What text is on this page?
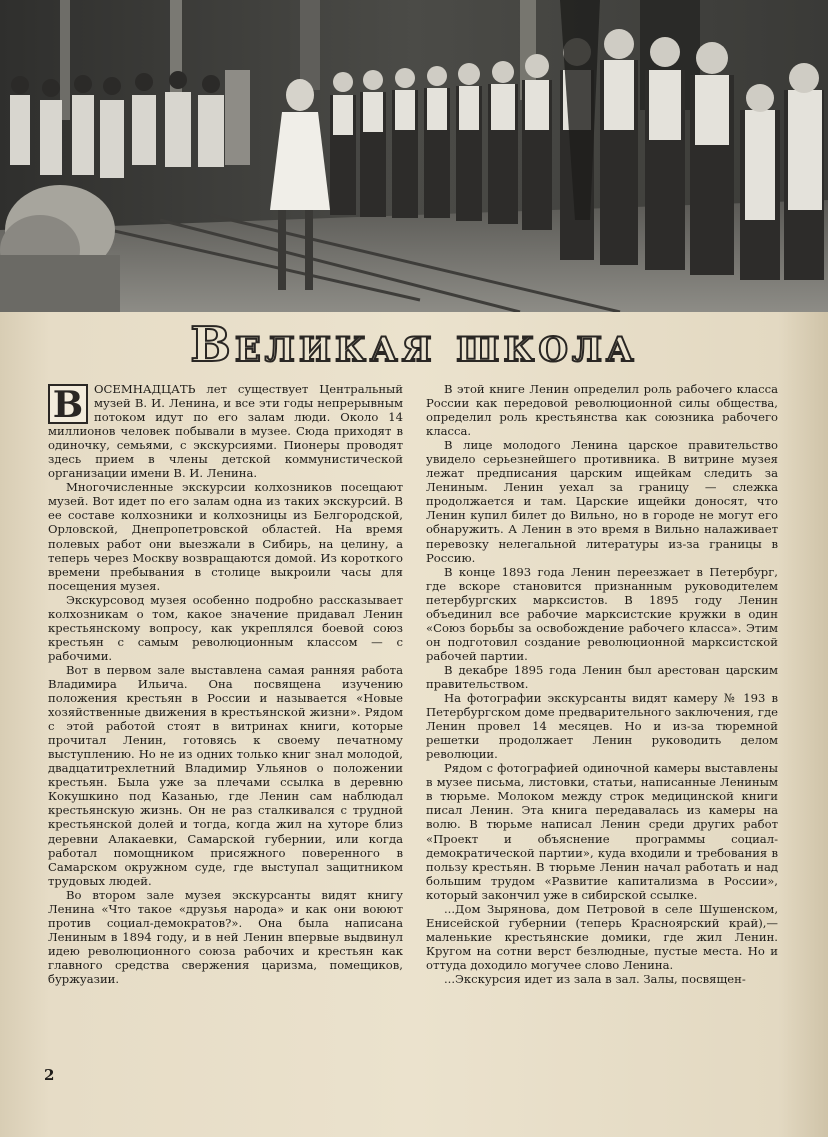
Великая школа

В ОСЕМНАДЦАТЬ лет существует Центральный музей В. И. Ленина, и все эти годы непрерывным потоком идут по его залам люди. Около 14 миллионов человек побывали в музее. Сюда приходят в одиночку, семьями, с экскурсиями. Пионеры проводят здесь прием в члены детской коммунистической организации имени В. И. Ленина.

Многочисленные экскурсии колхозников посещают музей. Вот идет по его залам одна из таких экскурсий. В ее составе колхозники и колхозницы из Белгородской, Орловской, Днепропетровской областей. На время полевых работ они выезжали в Сибирь, на целину, а теперь через Москву возвращаются домой. Из короткого времени пребывания в столице выкроили часы для посещения музея.

Экскурсовод музея особенно подробно рассказывает колхозникам о том, какое значение придавал Ленин крестьянскому вопросу, как укреплялся боевой союз крестьян с самым революционным классом — с рабочими.

Вот в первом зале выставлена самая ранняя работа Владимира Ильича. Она посвящена изучению положения крестьян в России и называется «Новые хозяйственные движения в крестьянской жизни». Рядом с этой работой стоят в витринах книги, которые прочитал Ленин, готовясь к своему печатному выступлению. Но не из одних только книг знал молодой, двадцатитрехлетний Владимир Ульянов о положении крестьян. Была уже за плечами ссылка в деревню Кокушкино под Казанью, где Ленин сам наблюдал крестьянскую жизнь. Он не раз сталкивался с трудной крестьянской долей и тогда, когда жил на хуторе близ деревни Алакаевки, Самарской губернии, или когда работал помощником присяжного поверенного в Самарском окружном суде, где выступал защитником трудовых людей.

Во втором зале музея экскурсанты видят книгу Ленина «Что такое «друзья народа» и как они воюют против социал-демократов?». Она была написана Лениным в 1894 году, и в ней Ленин впервые выдвинул идею революционного союза рабочих и крестьян как главного средства свержения царизма, помещиков, буржуазии.

В этой книге Ленин определил роль рабочего класса России как передовой революционной силы общества, определил роль крестьянства как союзника рабочего класса.

В лице молодого Ленина царское правительство увидело серьезнейшего противника. В витрине музея лежат предписания царским ищейкам следить за Лениным. Ленин уехал за границу — слежка продолжается и там. Царские ищейки доносят, что Ленин купил билет до Вильно, но в городе не могут его обнаружить. А Ленин в это время в Вильно налаживает перевозку нелегальной литературы из-за границы в Россию.

В конце 1893 года Ленин переезжает в Петербург, где вскоре становится признанным руководителем петербургских марксистов. В 1895 году Ленин объединил все рабочие марксистские кружки в один «Союз борьбы за освобождение рабочего класса». Этим он подготовил создание революционной марксистской рабочей партии.

В декабре 1895 года Ленин был арестован царским правительством.

На фотографии экскурсанты видят камеру № 193 в Петербургском доме предварительного заключения, где Ленин провел 14 месяцев. Но и из-за тюремной решетки продолжает Ленин руководить делом революции.

Рядом с фотографией одиночной камеры выставлены в музее письма, листовки, статьи, написанные Лениным в тюрьме. Молоком между строк медицинской книги писал Ленин. Эта книга передавалась из камеры на волю. В тюрьме написал Ленин среди других работ «Проект и объяснение программы социал-демократической партии», куда входили и требования в пользу крестьян. В тюрьме Ленин начал работать и над большим трудом «Развитие капитализма в России», который закончил уже в сибирской ссылке.

...Дом Зырянова, дом Петровой в селе Шушенском, Енисейской губернии (теперь Красноярский край),— маленькие крестьянские домики, где жил Ленин. Кругом на сотни верст безлюдные, пустые места. Но и оттуда доходило могучее слово Ленина.

...Экскурсия идет из зала в зал. Залы, посвящен-

2
